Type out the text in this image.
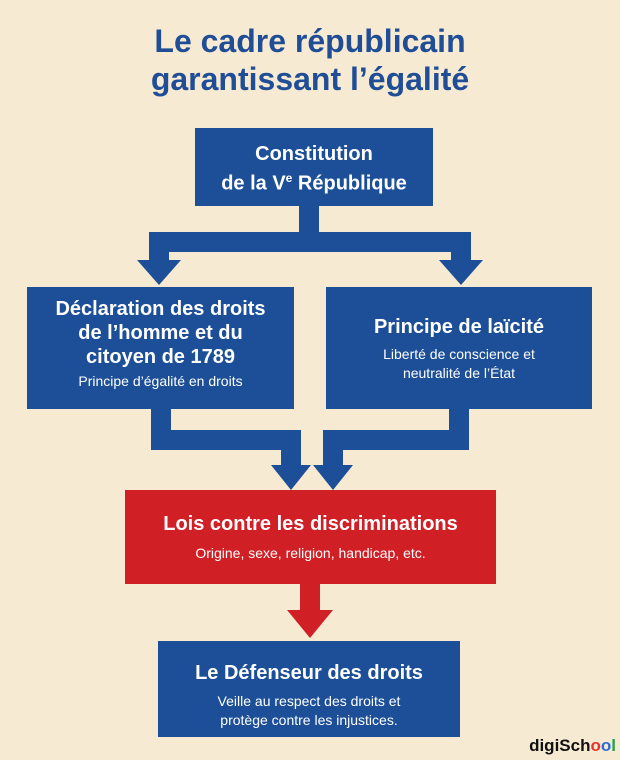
Le cadre républicain
garantissant l’égalité
Constitution
de la Ve République
Déclaration des droits
de l’homme et du
citoyen de 1789
Principe d’égalité en droits
Principe de laïcité
Liberté de conscience et
neutralité de l’État
Lois contre les discriminations
Origine, sexe, religion, handicap, etc.
Le Défenseur des droits
Veille au respect des droits et
protège contre les injustices.
digiSchool
